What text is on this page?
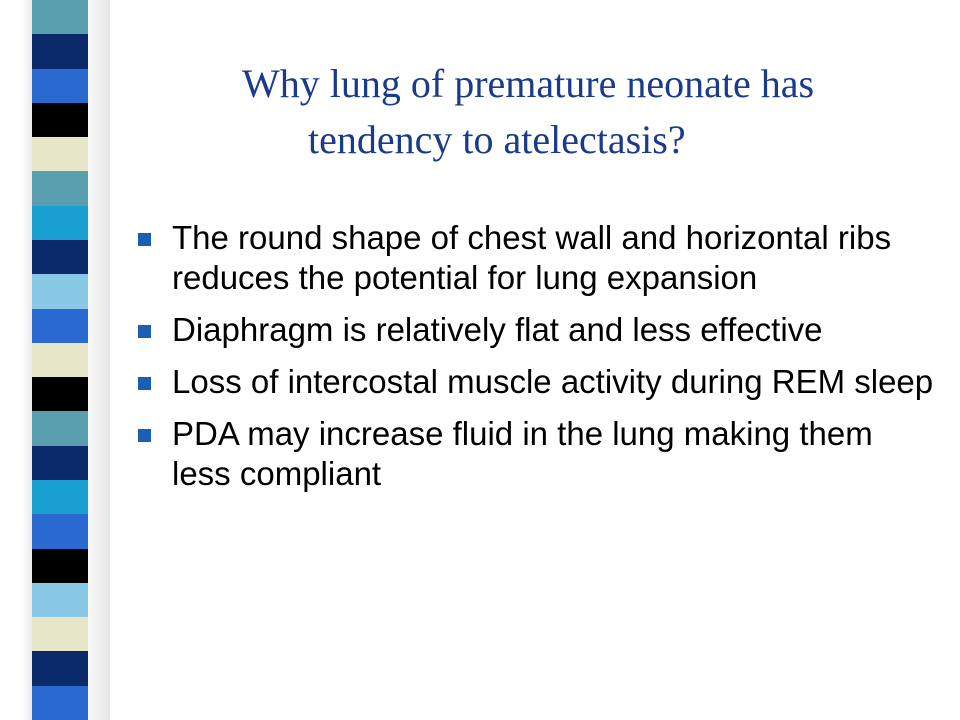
Why lung of premature neonate has
tendency to atelectasis?
The round shape of chest wall and horizontal ribs reduces the potential for lung expansion
Diaphragm is relatively flat and less effective
Loss of intercostal muscle activity during REM sleep
PDA may increase fluid in the lung making them less compliant
